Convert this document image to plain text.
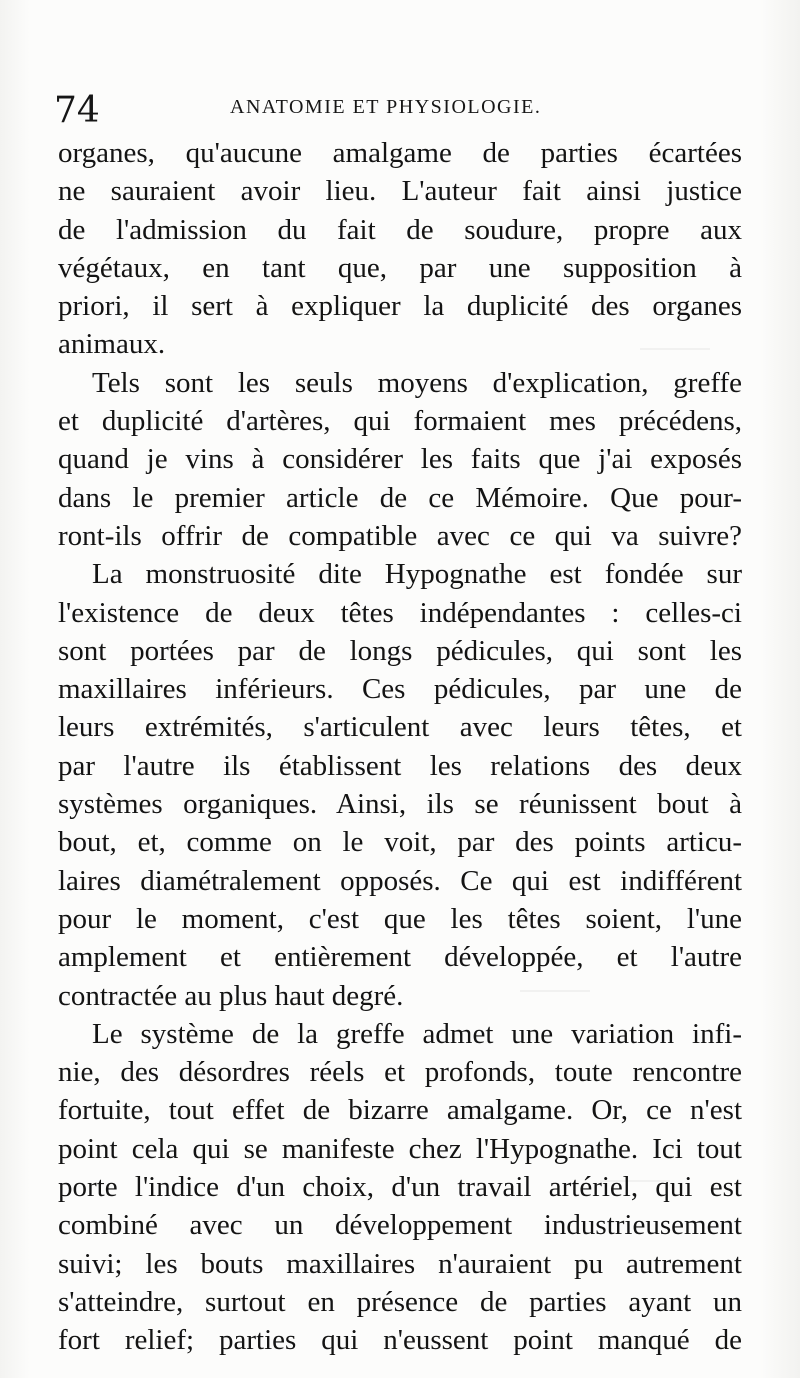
74	ANATOMIE ET PHYSIOLOGIE.
organes, qu'aucune amalgame de parties écartées
ne sauraient avoir lieu. L'auteur fait ainsi justice
de l'admission du fait de soudure, propre aux
végétaux, en tant que, par une supposition à
priori, il sert à expliquer la duplicité des organes
animaux.
Tels sont les seuls moyens d'explication, greffe
et duplicité d'artères, qui formaient mes précédens,
quand je vins à considérer les faits que j'ai exposés
dans le premier article de ce Mémoire. Que pour-
ront-ils offrir de compatible avec ce qui va suivre?
La monstruosité dite Hypognathe est fondée sur
l'existence de deux têtes indépendantes : celles-ci
sont portées par de longs pédicules, qui sont les
maxillaires inférieurs. Ces pédicules, par une de
leurs extrémités, s'articulent avec leurs têtes, et
par l'autre ils établissent les relations des deux
systèmes organiques. Ainsi, ils se réunissent bout à
bout, et, comme on le voit, par des points articu-
laires diamétralement opposés. Ce qui est indifférent
pour le moment, c'est que les têtes soient, l'une
amplement et entièrement développée, et l'autre
contractée au plus haut degré.
Le système de la greffe admet une variation infi-
nie, des désordres réels et profonds, toute rencontre
fortuite, tout effet de bizarre amalgame. Or, ce n'est
point cela qui se manifeste chez l'Hypognathe. Ici tout
porte l'indice d'un choix, d'un travail artériel, qui est
combiné avec un développement industrieusement
suivi; les bouts maxillaires n'auraient pu autrement
s'atteindre, surtout en présence de parties ayant un
fort relief; parties qui n'eussent point manqué de
